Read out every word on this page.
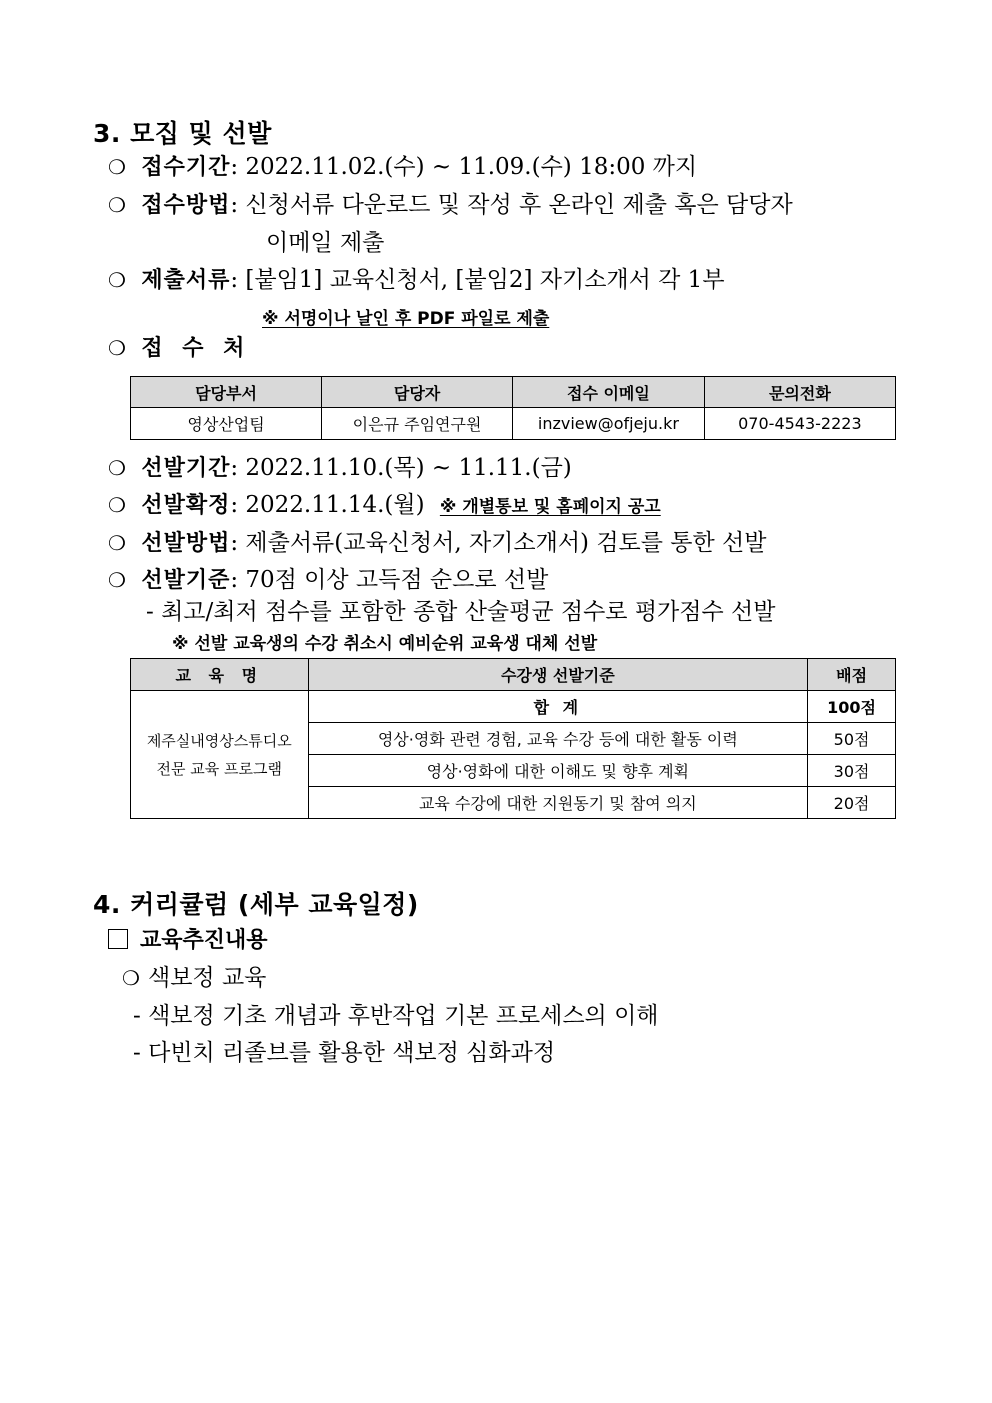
3. 모집 및 선발
❍ 접수기간: 2022.11.02.(수) ~ 11.09.(수) 18:00 까지
❍ 접수방법: 신청서류 다운로드 및 작성 후 온라인 제출 혹은 담당자
이메일 제출
❍ 제출서류: [붙임1] 교육신청서, [붙임2] 자기소개서 각 1부
※ 서명이나 날인 후 PDF 파일로 제출
❍ 접 수 처
담당부서	담당자	접수 이메일	문의전화
영상산업팀	이은규 주임연구원	inzview@ofjeju.kr	070-4543-2223
❍ 선발기간: 2022.11.10.(목) ~ 11.11.(금)
❍ 선발확정: 2022.11.14.(월) ※ 개별통보 및 홈페이지 공고
❍ 선발방법: 제출서류(교육신청서, 자기소개서) 검토를 통한 선발
❍ 선발기준: 70점 이상 고득점 순으로 선발
- 최고/최저 점수를 포함한 종합 산술평균 점수로 평가점수 선발
※ 선발 교육생의 수강 취소시 예비순위 교육생 대체 선발
교 육 명	수강생 선발기준	배점

제주실내영상스튜디오
전문 교육 프로그램	합 계	100점
	영상·영화 관련 경험, 교육 수강 등에 대한 활동 이력	50점
	영상·영화에 대한 이해도 및 향후 계획	30점
	교육 수강에 대한 지원동기 및 참여 의지	20점
4. 커리큘럼 (세부 교육일정)
교육추진내용
❍ 색보정 교육
- 색보정 기초 개념과 후반작업 기본 프로세스의 이해
- 다빈치 리졸브를 활용한 색보정 심화과정
